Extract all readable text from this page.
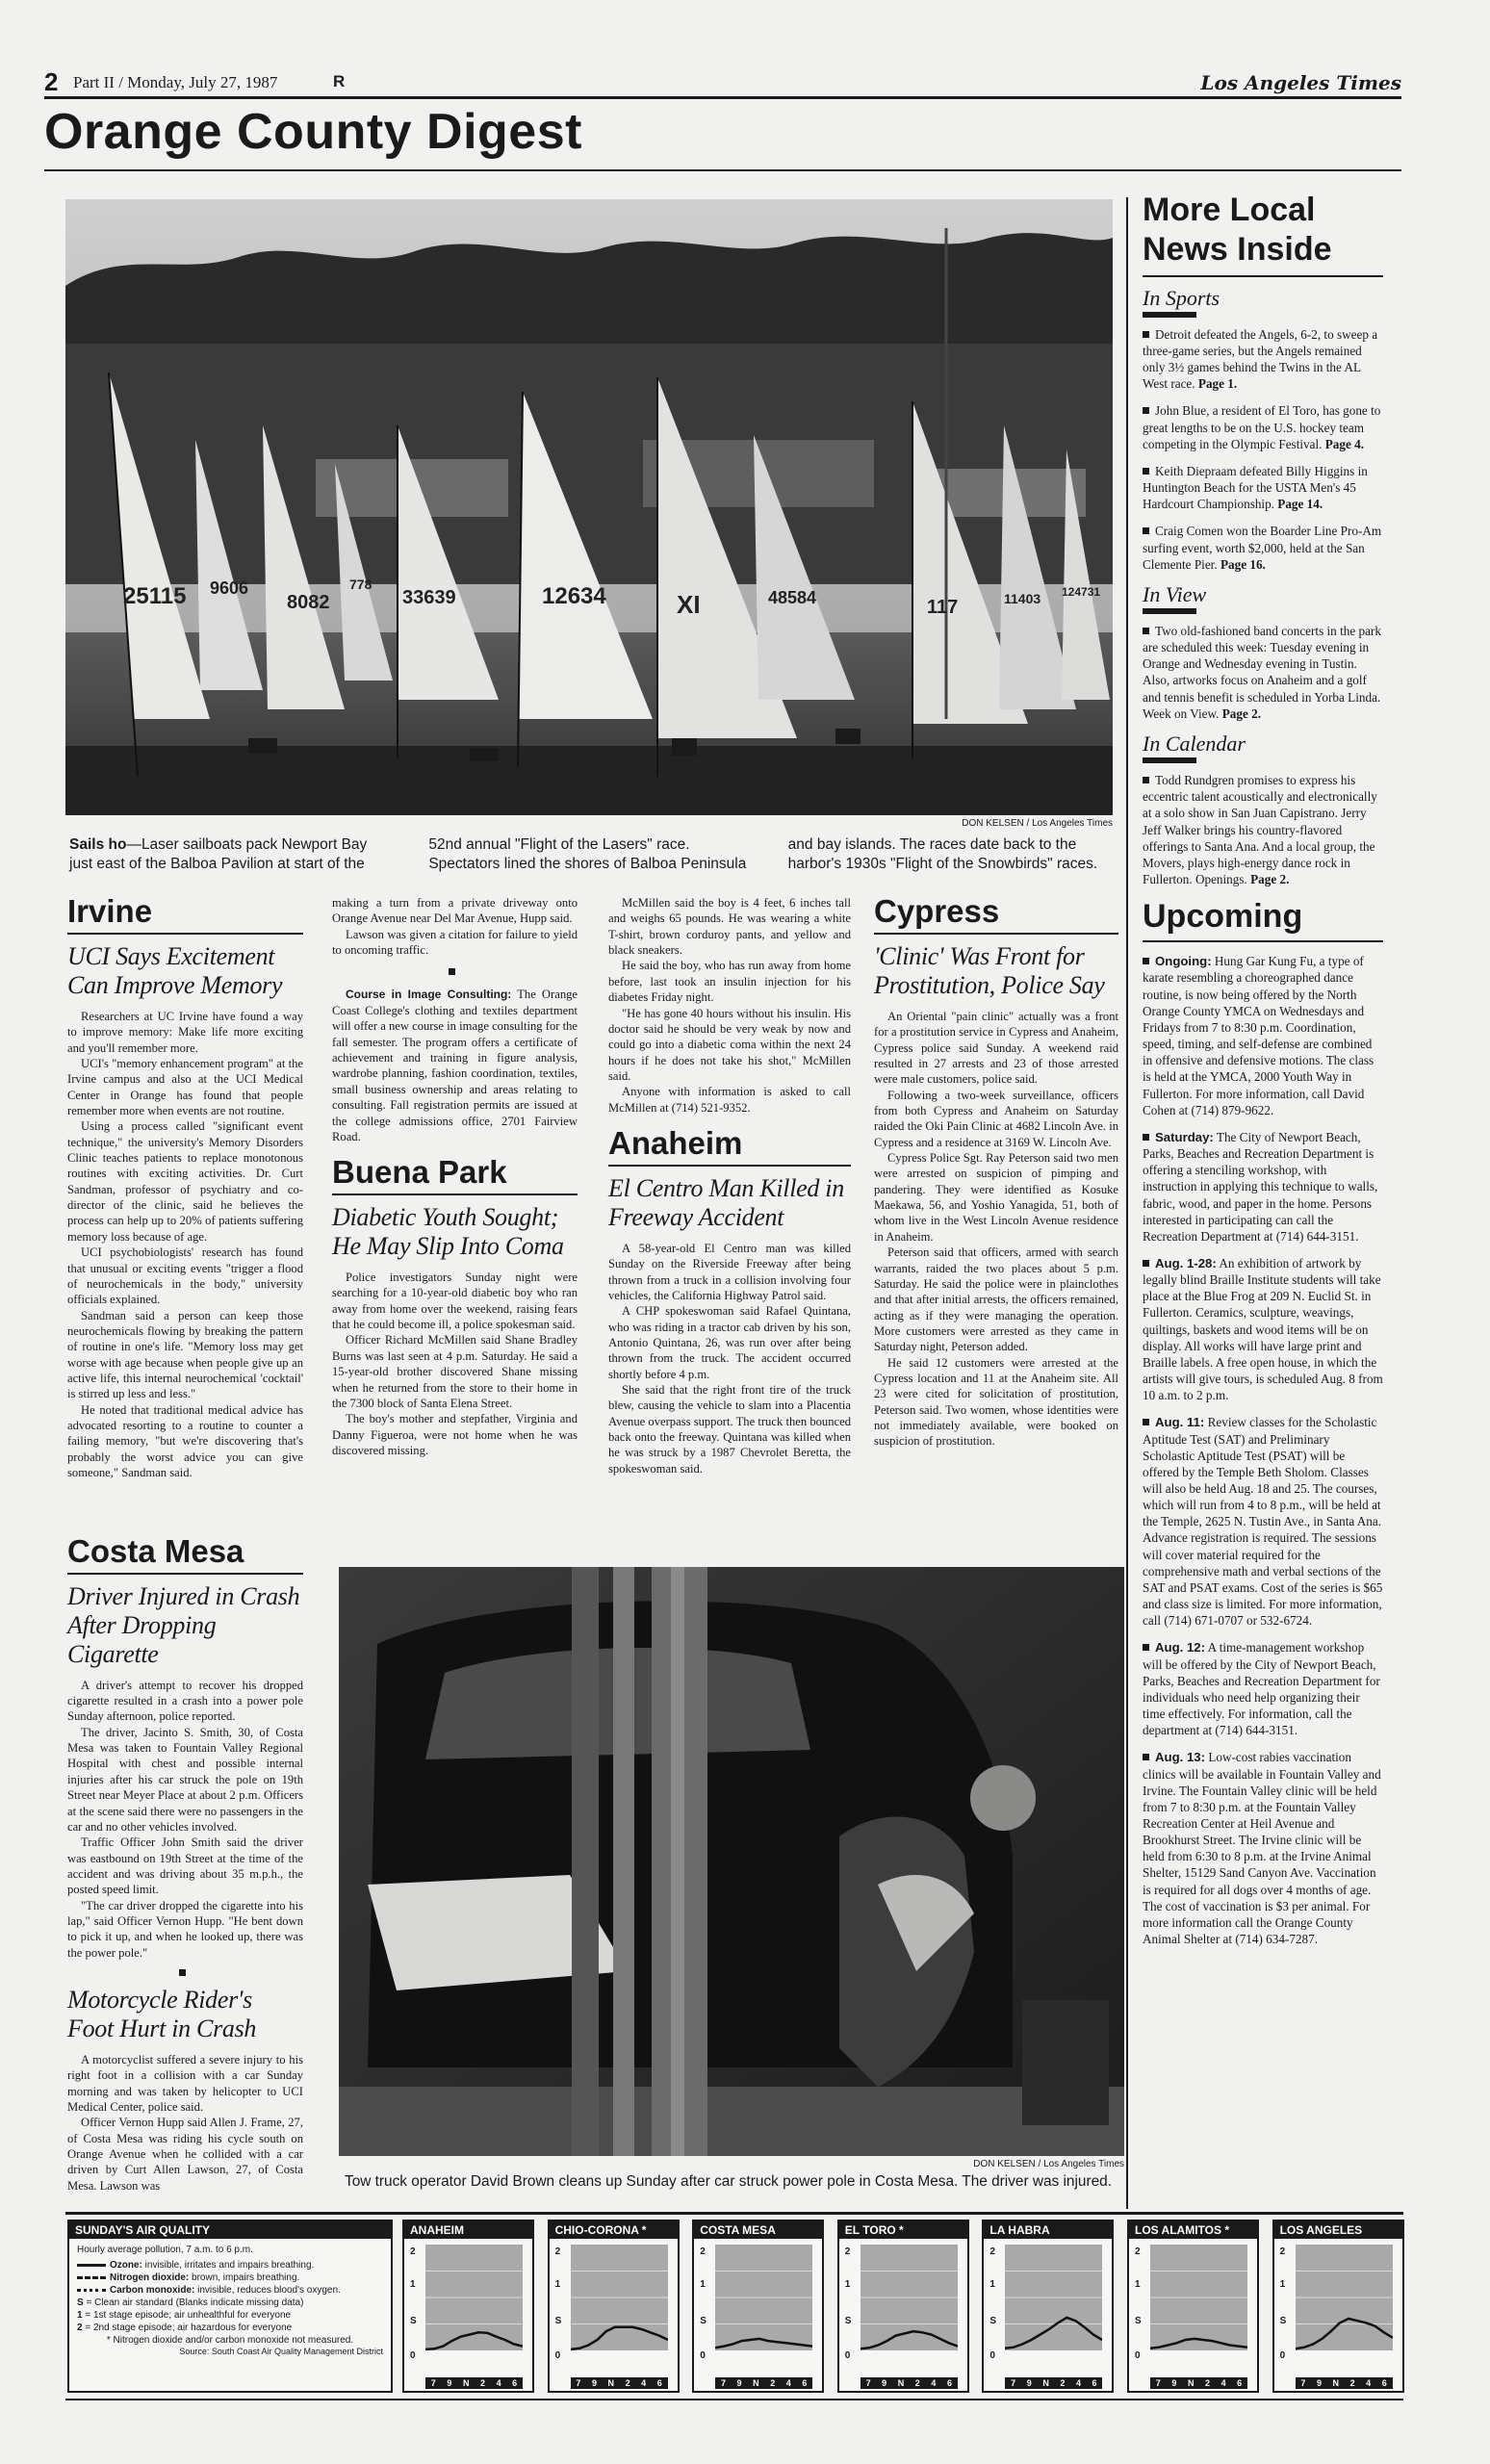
2 Part II / Monday, July 27, 1987	R	Los Angeles Times
Orange County Digest
25115 9606
8082
778
33639	12634	XI	48584	117	11403 124731
DON KELSEN / Los Angeles Times
Sails ho—Laser sailboats pack Newport Bay just east of the Balboa Pavilion at start of the 52nd annual "Flight of the Lasers" race. Spectators lined the shores of Balboa Peninsula and bay islands. The races date back to the harbor's 1930s "Flight of the Snowbirds" races.
Irvine
UCI Says Excitement Can Improve Memory

Researchers at UC Irvine have found a way to improve memory: Make life more exciting and you'll remember more.

UCI's "memory enhancement program" at the Irvine campus and also at the UCI Medical Center in Orange has found that people remember more when events are not routine.

Using a process called "significant event technique," the university's Memory Disorders Clinic teaches patients to replace monotonous routines with exciting activities. Dr. Curt Sandman, professor of psychiatry and co-director of the clinic, said he believes the process can help up to 20% of patients suffering memory loss because of age.

UCI psychobiologists' research has found that unusual or exciting events "trigger a flood of neurochemicals in the body," university officials explained.

Sandman said a person can keep those neurochemicals flowing by breaking the pattern of routine in one's life. "Memory loss may get worse with age because when people give up an active life, this internal neurochemical 'cocktail' is stirred up less and less."

He noted that traditional medical advice has advocated resorting to a routine to counter a failing memory, "but we're discovering that's probably the worst advice you can give someone," Sandman said.

Costa Mesa
Driver Injured in Crash After Dropping Cigarette

A driver's attempt to recover his dropped cigarette resulted in a crash into a power pole Sunday afternoon, police reported.

The driver, Jacinto S. Smith, 30, of Costa Mesa was taken to Fountain Valley Regional Hospital with chest and possible internal injuries after his car struck the pole on 19th Street near Meyer Place at about 2 p.m. Officers at the scene said there were no passengers in the car and no other vehicles involved.

Traffic Officer John Smith said the driver was eastbound on 19th Street at the time of the accident and was driving about 35 m.p.h., the posted speed limit.

"The car driver dropped the cigarette into his lap," said Officer Vernon Hupp. "He bent down to pick it up, and when he looked up, there was the power pole."

Motorcycle Rider's Foot Hurt in Crash

A motorcyclist suffered a severe injury to his right foot in a collision with a car Sunday morning and was taken by helicopter to UCI Medical Center, police said.

Officer Vernon Hupp said Allen J. Frame, 27, of Costa Mesa was riding his cycle south on Orange Avenue when he collided with a car driven by Curt Allen Lawson, 27, of Costa Mesa. Lawson was

making a turn from a private driveway onto Orange Avenue near Del Mar Avenue, Hupp said.

Lawson was given a citation for failure to yield to oncoming traffic.

Course in Image Consulting: The Orange Coast College's clothing and textiles department will offer a new course in image consulting for the fall semester. The program offers a certificate of achievement and training in figure analysis, wardrobe planning, fashion coordination, textiles, small business ownership and areas relating to consulting. Fall registration permits are issued at the college admissions office, 2701 Fairview Road.

Buena Park
Diabetic Youth Sought; He May Slip Into Coma

Police investigators Sunday night were searching for a 10-year-old diabetic boy who ran away from home over the weekend, raising fears that he could become ill, a police spokesman said.

Officer Richard McMillen said Shane Bradley Burns was last seen at 4 p.m. Saturday. He said a 15-year-old brother discovered Shane missing when he returned from the store to their home in the 7300 block of Santa Elena Street.

The boy's mother and stepfather, Virginia and Danny Figueroa, were not home when he was discovered missing.

McMillen said the boy is 4 feet, 6 inches tall and weighs 65 pounds. He was wearing a white T-shirt, brown corduroy pants, and yellow and black sneakers.

He said the boy, who has run away from home before, last took an insulin injection for his diabetes Friday night.

"He has gone 40 hours without his insulin. His doctor said he should be very weak by now and could go into a diabetic coma within the next 24 hours if he does not take his shot," McMillen said.

Anyone with information is asked to call McMillen at (714) 521-9352.

Anaheim
El Centro Man Killed in Freeway Accident

A 58-year-old El Centro man was killed Sunday on the Riverside Freeway after being thrown from a truck in a collision involving four vehicles, the California Highway Patrol said.

A CHP spokeswoman said Rafael Quintana, who was riding in a tractor cab driven by his son, Antonio Quintana, 26, was run over after being thrown from the truck. The accident occurred shortly before 4 p.m.

She said that the right front tire of the truck blew, causing the vehicle to slam into a Placentia Avenue overpass support. The truck then bounced back onto the freeway. Quintana was killed when he was struck by a 1987 Chevrolet Beretta, the spokeswoman said.

Cypress
'Clinic' Was Front for Prostitution, Police Say

An Oriental "pain clinic" actually was a front for a prostitution service in Cypress and Anaheim, Cypress police said Sunday. A weekend raid resulted in 27 arrests and 23 of those arrested were male customers, police said.

Following a two-week surveillance, officers from both Cypress and Anaheim on Saturday raided the Oki Pain Clinic at 4682 Lincoln Ave. in Cypress and a residence at 3169 W. Lincoln Ave.

Cypress Police Sgt. Ray Peterson said two men were arrested on suspicion of pimping and pandering. They were identified as Kosuke Maekawa, 56, and Yoshio Yanagida, 51, both of whom live in the West Lincoln Avenue residence in Anaheim.

Peterson said that officers, armed with search warrants, raided the two places about 5 p.m. Saturday. He said the police were in plainclothes and that after initial arrests, the officers remained, acting as if they were managing the operation. More customers were arrested as they came in Saturday night, Peterson added.

He said 12 customers were arrested at the Cypress location and 11 at the Anaheim site. All 23 were cited for solicitation of prostitution, Peterson said. Two women, whose identities were not immediately available, were booked on suspicion of prostitution.

DON KELSEN / Los Angeles Times
Tow truck operator David Brown cleans up Sunday after car struck power pole in Costa Mesa. The driver was injured.
More Local News Inside
In Sports
Detroit defeated the Angels, 6-2, to sweep a three-game series, but the Angels remained only 3½ games behind the Twins in the AL West race. Page 1.
John Blue, a resident of El Toro, has gone to great lengths to be on the U.S. hockey team competing in the Olympic Festival. Page 4.
Keith Diepraam defeated Billy Higgins in Huntington Beach for the USTA Men's 45 Hardcourt Championship. Page 14.
Craig Comen won the Boarder Line Pro-Am surfing event, worth $2,000, held at the San Clemente Pier. Page 16.
In View
Two old-fashioned band concerts in the park are scheduled this week: Tuesday evening in Orange and Wednesday evening in Tustin. Also, artworks focus on Anaheim and a golf and tennis benefit is scheduled in Yorba Linda. Week on View. Page 2.
In Calendar
Todd Rundgren promises to express his eccentric talent acoustically and electronically at a solo show in San Juan Capistrano. Jerry Jeff Walker brings his country-flavored offerings to Santa Ana. And a local group, the Movers, plays high-energy dance rock in Fullerton. Openings. Page 2.
Upcoming
Ongoing: Hung Gar Kung Fu, a type of karate resembling a choreographed dance routine, is now being offered by the North Orange County YMCA on Wednesdays and Fridays from 7 to 8:30 p.m. Coordination, speed, timing, and self-defense are combined in offensive and defensive motions. The class is held at the YMCA, 2000 Youth Way in Fullerton. For more information, call David Cohen at (714) 879-9622.
Saturday: The City of Newport Beach, Parks, Beaches and Recreation Department is offering a stenciling workshop, with instruction in applying this technique to walls, fabric, wood, and paper in the home. Persons interested in participating can call the Recreation Department at (714) 644-3151.
Aug. 1-28: An exhibition of artwork by legally blind Braille Institute students will take place at the Blue Frog at 209 N. Euclid St. in Fullerton. Ceramics, sculpture, weavings, quiltings, baskets and wood items will be on display. All works will have large print and Braille labels. A free open house, in which the artists will give tours, is scheduled Aug. 8 from 10 a.m. to 2 p.m.
Aug. 11: Review classes for the Scholastic Aptitude Test (SAT) and Preliminary Scholastic Aptitude Test (PSAT) will be offered by the Temple Beth Sholom. Classes will also be held Aug. 18 and 25. The courses, which will run from 4 to 8 p.m., will be held at the Temple, 2625 N. Tustin Ave., in Santa Ana. Advance registration is required. The sessions will cover material required for the comprehensive math and verbal sections of the SAT and PSAT exams. Cost of the series is $65 and class size is limited. For more information, call (714) 671-0707 or 532-6724.
Aug. 12: A time-management workshop will be offered by the City of Newport Beach, Parks, Beaches and Recreation Department for individuals who need help organizing their time effectively. For information, call the department at (714) 644-3151.
Aug. 13: Low-cost rabies vaccination clinics will be available in Fountain Valley and Irvine. The Fountain Valley clinic will be held from 7 to 8:30 p.m. at the Fountain Valley Recreation Center at Heil Avenue and Brookhurst Street. The Irvine clinic will be held from 6:30 to 8 p.m. at the Irvine Animal Shelter, 15129 Sand Canyon Ave. Vaccination is required for all dogs over 4 months of age. The cost of vaccination is $3 per animal. For more information call the Orange County Animal Shelter at (714) 634-7287.
SUNDAY'S AIR QUALITY
Hourly average pollution, 7 a.m. to 6 p.m.
Ozone: invisible, irritates and impairs breathing.
Nitrogen dioxide: brown, impairs breathing.
Carbon monoxide: invisible, reduces blood's oxygen.
S = Clean air standard (Blanks indicate missing data)
1 = 1st stage episode; air unhealthful for everyone
2 = 2nd stage episode; air hazardous for everyone
* Nitrogen dioxide and/or carbon monoxide not measured.
Source: South Coast Air Quality Management District
ANAHEIM
2
1
S
0
7 9 N 2 4 6
CHIO-CORONA *
2
1
S
0
7 9 N 2 4 6
COSTA MESA
2
1
S
0
7 9 N 2 4 6
EL TORO *
2
1
S
0
7 9 N 2 4 6
LA HABRA
2
1
S
0
7 9 N 2 4 6
LOS ALAMITOS *
2
1
S
0
7 9 N 2 4 6
LOS ANGELES
2
1
S
0
7 9 N 2 4 6
